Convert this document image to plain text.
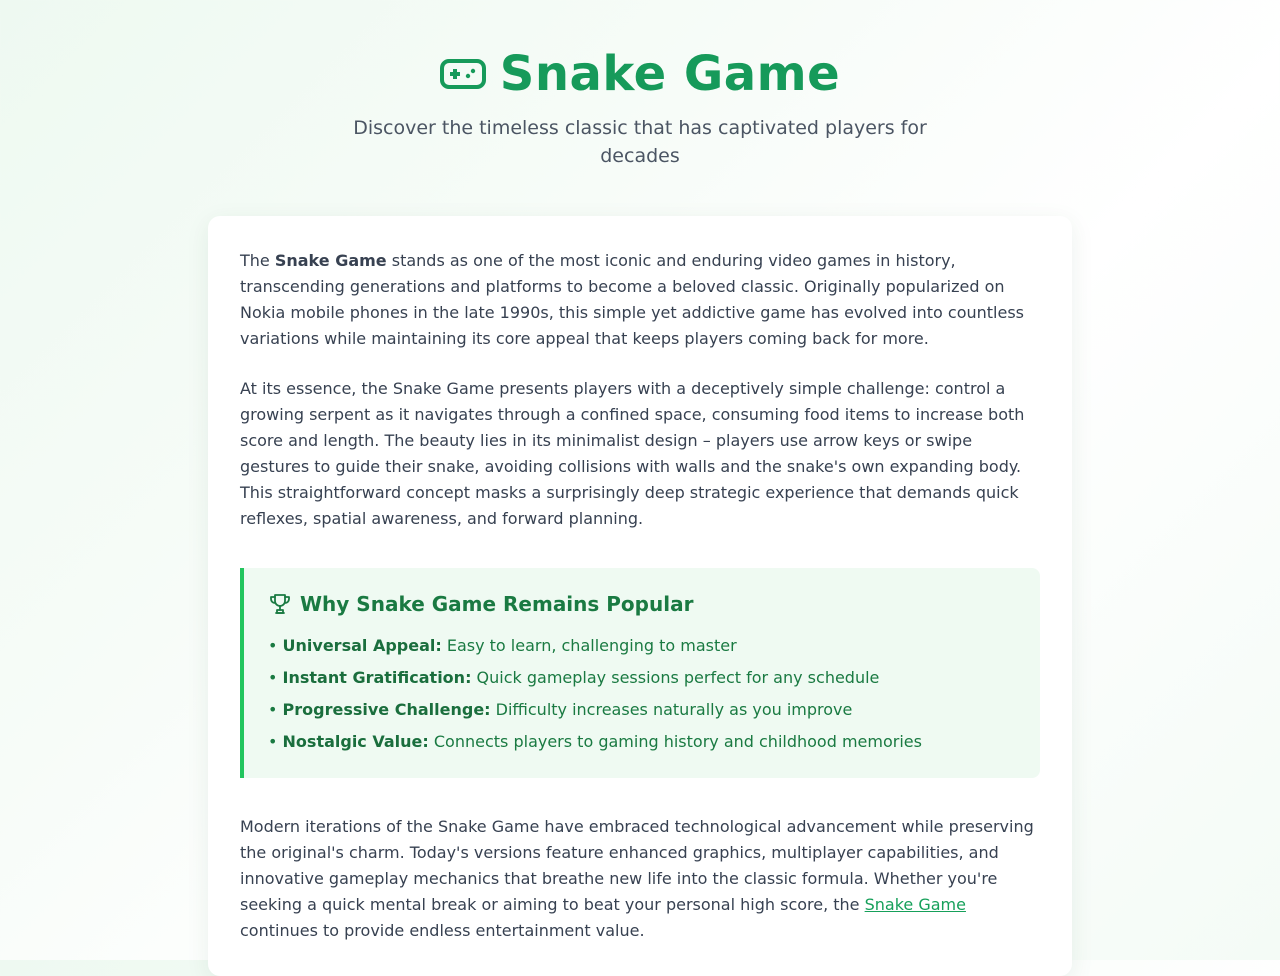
Snake Game
Discover the timeless classic that has captivated players for decades

The Snake Game stands as one of the most iconic and enduring video games in history, transcending generations and platforms to become a beloved classic. Originally popularized on Nokia mobile phones in the late 1990s, this simple yet addictive game has evolved into countless variations while maintaining its core appeal that keeps players coming back for more.

At its essence, the Snake Game presents players with a deceptively simple challenge: control a growing serpent as it navigates through a confined space, consuming food items to increase both score and length. The beauty lies in its minimalist design – players use arrow keys or swipe gestures to guide their snake, avoiding collisions with walls and the snake's own expanding body. This straightforward concept masks a surprisingly deep strategic experience that demands quick reflexes, spatial awareness, and forward planning.

Why Snake Game Remains Popular
• Universal Appeal: Easy to learn, challenging to master
• Instant Gratification: Quick gameplay sessions perfect for any schedule
• Progressive Challenge: Difficulty increases naturally as you improve
• Nostalgic Value: Connects players to gaming history and childhood memories

Modern iterations of the Snake Game have embraced technological advancement while preserving the original's charm. Today's versions feature enhanced graphics, multiplayer capabilities, and innovative gameplay mechanics that breathe new life into the classic formula. Whether you're seeking a quick mental break or aiming to beat your personal high score, the Snake Game continues to provide endless entertainment value.
